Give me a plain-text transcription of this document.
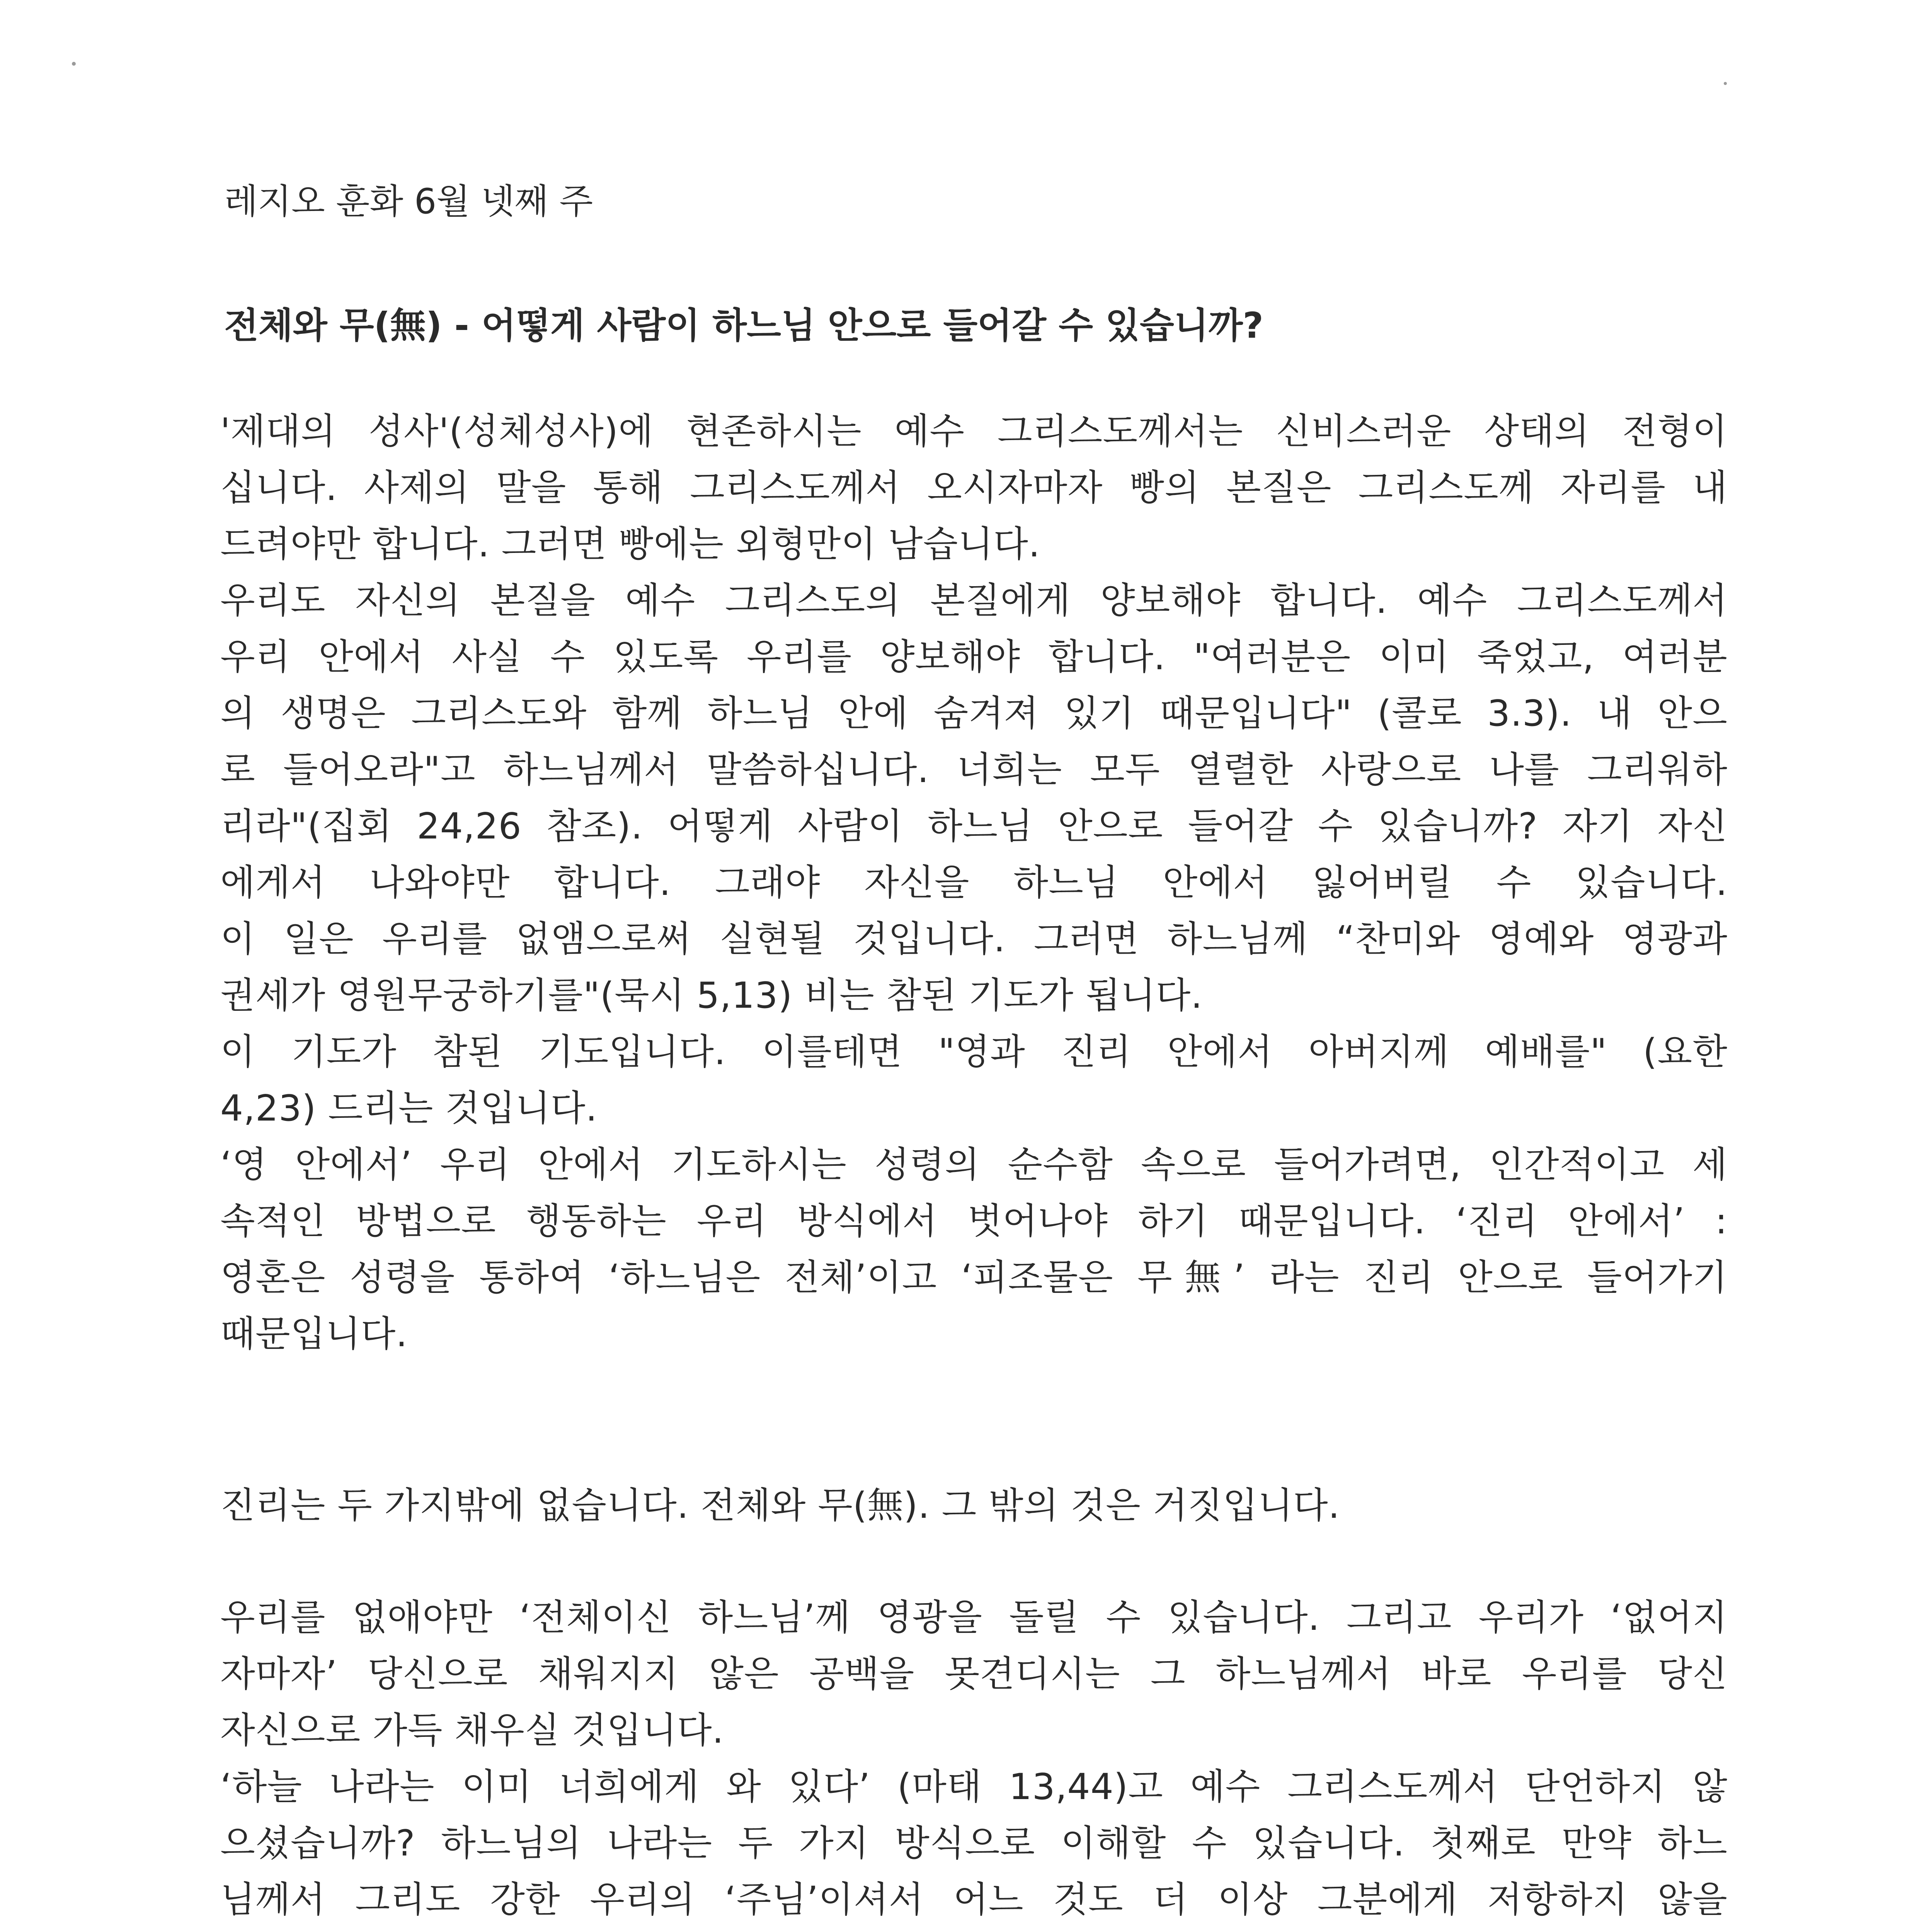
레지오 훈화 6월 넷째 주
전체와 무(無) - 어떻게 사람이 하느님 안으로 들어갈 수 있습니까?
'제대의 성사'(성체성사)에 현존하시는 예수 그리스도께서는 신비스러운 상태의 전형이
십니다. 사제의 말을 통해 그리스도께서 오시자마자 빵의 본질은 그리스도께 자리를 내
드려야만 합니다. 그러면 빵에는 외형만이 남습니다.
우리도 자신의 본질을 예수 그리스도의 본질에게 양보해야 합니다. 예수 그리스도께서
우리 안에서 사실 수 있도록 우리를 양보해야 합니다. "여러분은 이미 죽었고, 여러분
의 생명은 그리스도와 함께 하느님 안에 숨겨져 있기 때문입니다" (콜로 3.3). 내 안으
로 들어오라"고 하느님께서 말씀하십니다. 너희는 모두 열렬한 사랑으로 나를 그리워하
리라"(집회 24,26 참조). 어떻게 사람이 하느님 안으로 들어갈 수 있습니까? 자기 자신
에게서 나와야만 합니다. 그래야 자신을 하느님 안에서 잃어버릴 수 있습니다.
이 일은 우리를 없앰으로써 실현될 것입니다. 그러면 하느님께 “찬미와 영예와 영광과
권세가 영원무궁하기를"(묵시 5,13) 비는 참된 기도가 됩니다.
이 기도가 참된 기도입니다. 이를테면 "영과 진리 안에서 아버지께 예배를" (요한
4,23) 드리는 것입니다.
‘영 안에서’ 우리 안에서 기도하시는 성령의 순수함 속으로 들어가려면, 인간적이고 세
속적인 방법으로 행동하는 우리 방식에서 벗어나야 하기 때문입니다. ‘진리 안에서’ :
영혼은 성령을 통하여 ‘하느님은 전체’이고 ‘피조물은 무無’ 라는 진리 안으로 들어가기
때문입니다.
진리는 두 가지밖에 없습니다. 전체와 무(無). 그 밖의 것은 거짓입니다.
우리를 없애야만 ‘전체이신 하느님’께 영광을 돌릴 수 있습니다. 그리고 우리가 ‘없어지
자마자’ 당신으로 채워지지 않은 공백을 못견디시는 그 하느님께서 바로 우리를 당신
자신으로 가득 채우실 것입니다.
‘하늘 나라는 이미 너희에게 와 있다’ (마태 13,44)고 예수 그리스도께서 단언하지 않
으셨습니까? 하느님의 나라는 두 가지 방식으로 이해할 수 있습니다. 첫째로 만약 하느
님께서 그리도 강한 우리의 ‘주님’이셔서 어느 것도 더 이상 그분에게 저항하지 않을
